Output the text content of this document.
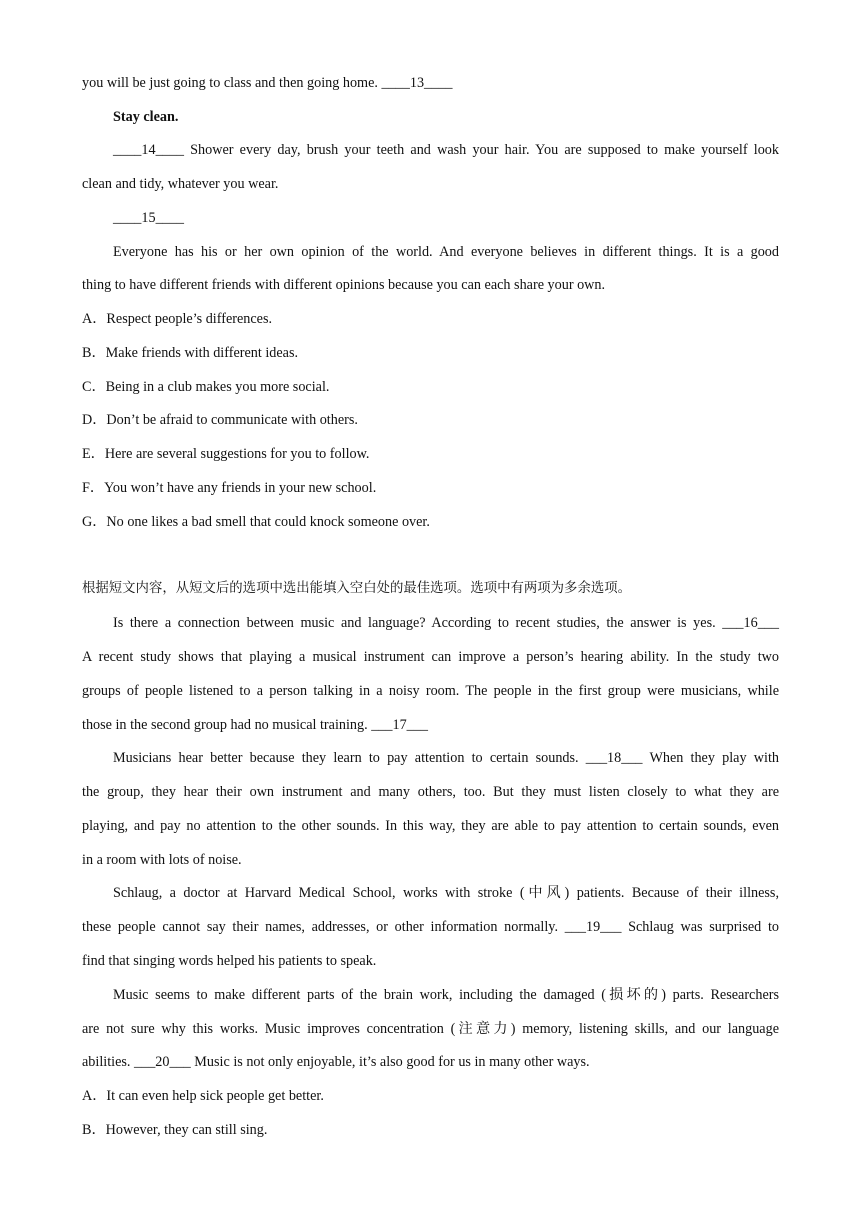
you will be just going to class and then going home. ____13____
Stay clean.
____14____ Shower every day, brush your teeth and wash your hair. You are supposed to make yourself look
clean and tidy, whatever you wear.
____15____
Everyone has his or her own opinion of the world. And everyone believes in different things. It is a good
thing to have different friends with different opinions because you can each share your own.
A．Respect people’s differences.
B．Make friends with different ideas.
C．Being in a club makes you more social.
D．Don’t be afraid to communicate with others.
E．Here are several suggestions for you to follow.
F．You won’t have any friends in your new school.
G．No one likes a bad smell that could knock someone over.
根据短文内容，从短文后的选项中选出能填入空白处的最佳选项。选项中有两项为多余选项。
Is there a connection between music and language? According to recent studies, the answer is yes. ___16___
A recent study shows that playing a musical instrument can improve a person’s hearing ability. In the study two
groups of people listened to a person talking in a noisy room. The people in the first group were musicians, while
those in the second group had no musical training. ___17___
Musicians hear better because they learn to pay attention to certain sounds. ___18___ When they play with
the group, they hear their own instrument and many others, too. But they must listen closely to what they are
playing, and pay no attention to the other sounds. In this way, they are able to pay attention to certain sounds, even
in a room with lots of noise.
Schlaug, a doctor at Harvard Medical School, works with stroke (中风) patients. Because of their illness,
these people cannot say their names, addresses, or other information normally. ___19___ Schlaug was surprised to
find that singing words helped his patients to speak.
Music seems to make different parts of the brain work, including the damaged (损坏的) parts. Researchers
are not sure why this works. Music improves concentration (注意力) memory, listening skills, and our language
abilities. ___20___ Music is not only enjoyable, it’s also good for us in many other ways.
A．It can even help sick people get better.
B．However, they can still sing.
